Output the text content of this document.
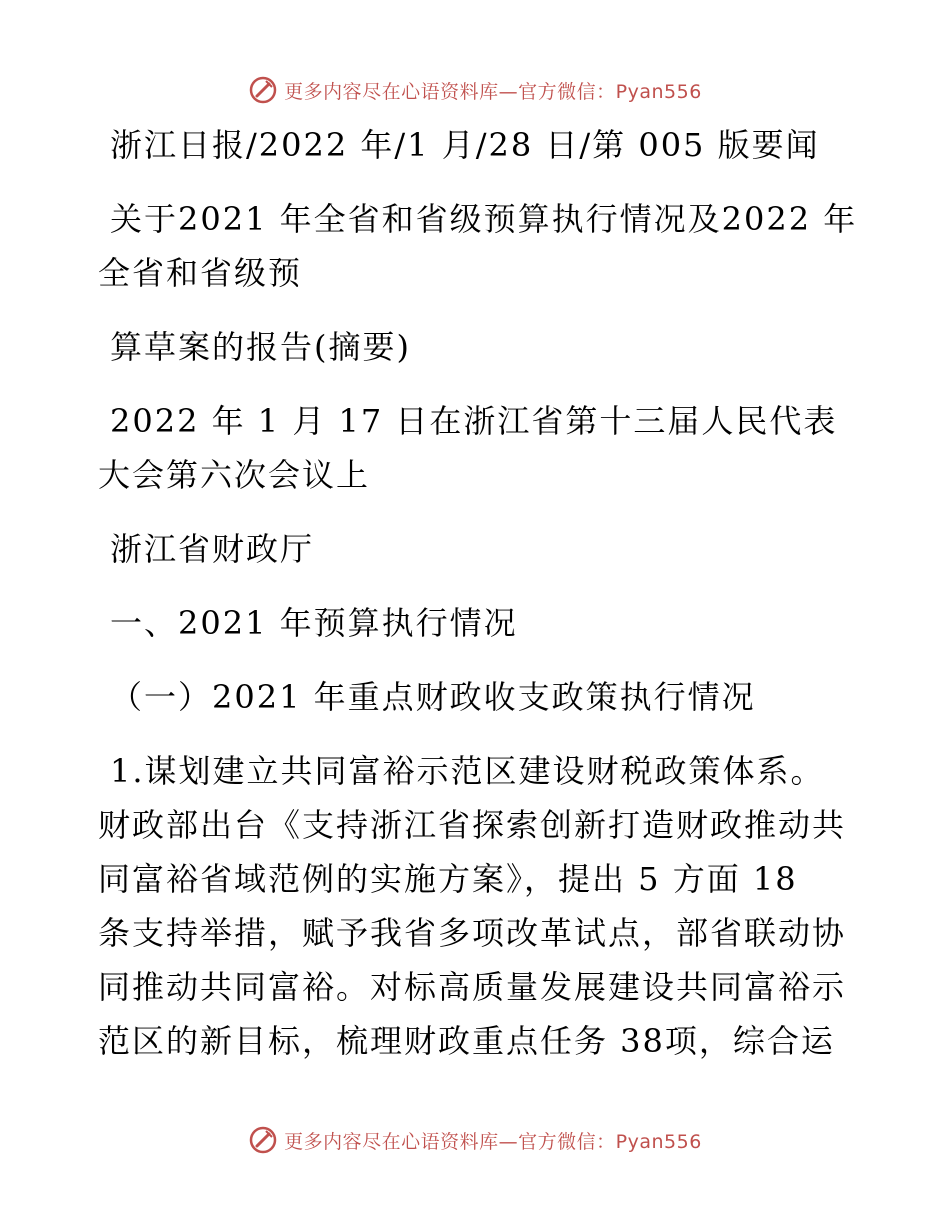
更多内容尽在心语资料库—官方微信：Pyan556
浙江日报/2022 年/1 月/28 日/第 005 版要闻
关于2021 年全省和省级预算执行情况及2022 年
全省和省级预
算草案的报告(摘要)
2022 年 1 月 17 日在浙江省第十三届人民代表
大会第六次会议上
浙江省财政厅
一、2021 年预算执行情况
（一）2021 年重点财政收支政策执行情况
1.谋划建立共同富裕示范区建设财税政策体系。
财政部出台《支持浙江省探索创新打造财政推动共
同富裕省域范例的实施方案》，提出 5 方面 18
条支持举措，赋予我省多项改革试点，部省联动协
同推动共同富裕。对标高质量发展建设共同富裕示
范区的新目标，梳理财政重点任务 38项，综合运
更多内容尽在心语资料库—官方微信：Pyan556
